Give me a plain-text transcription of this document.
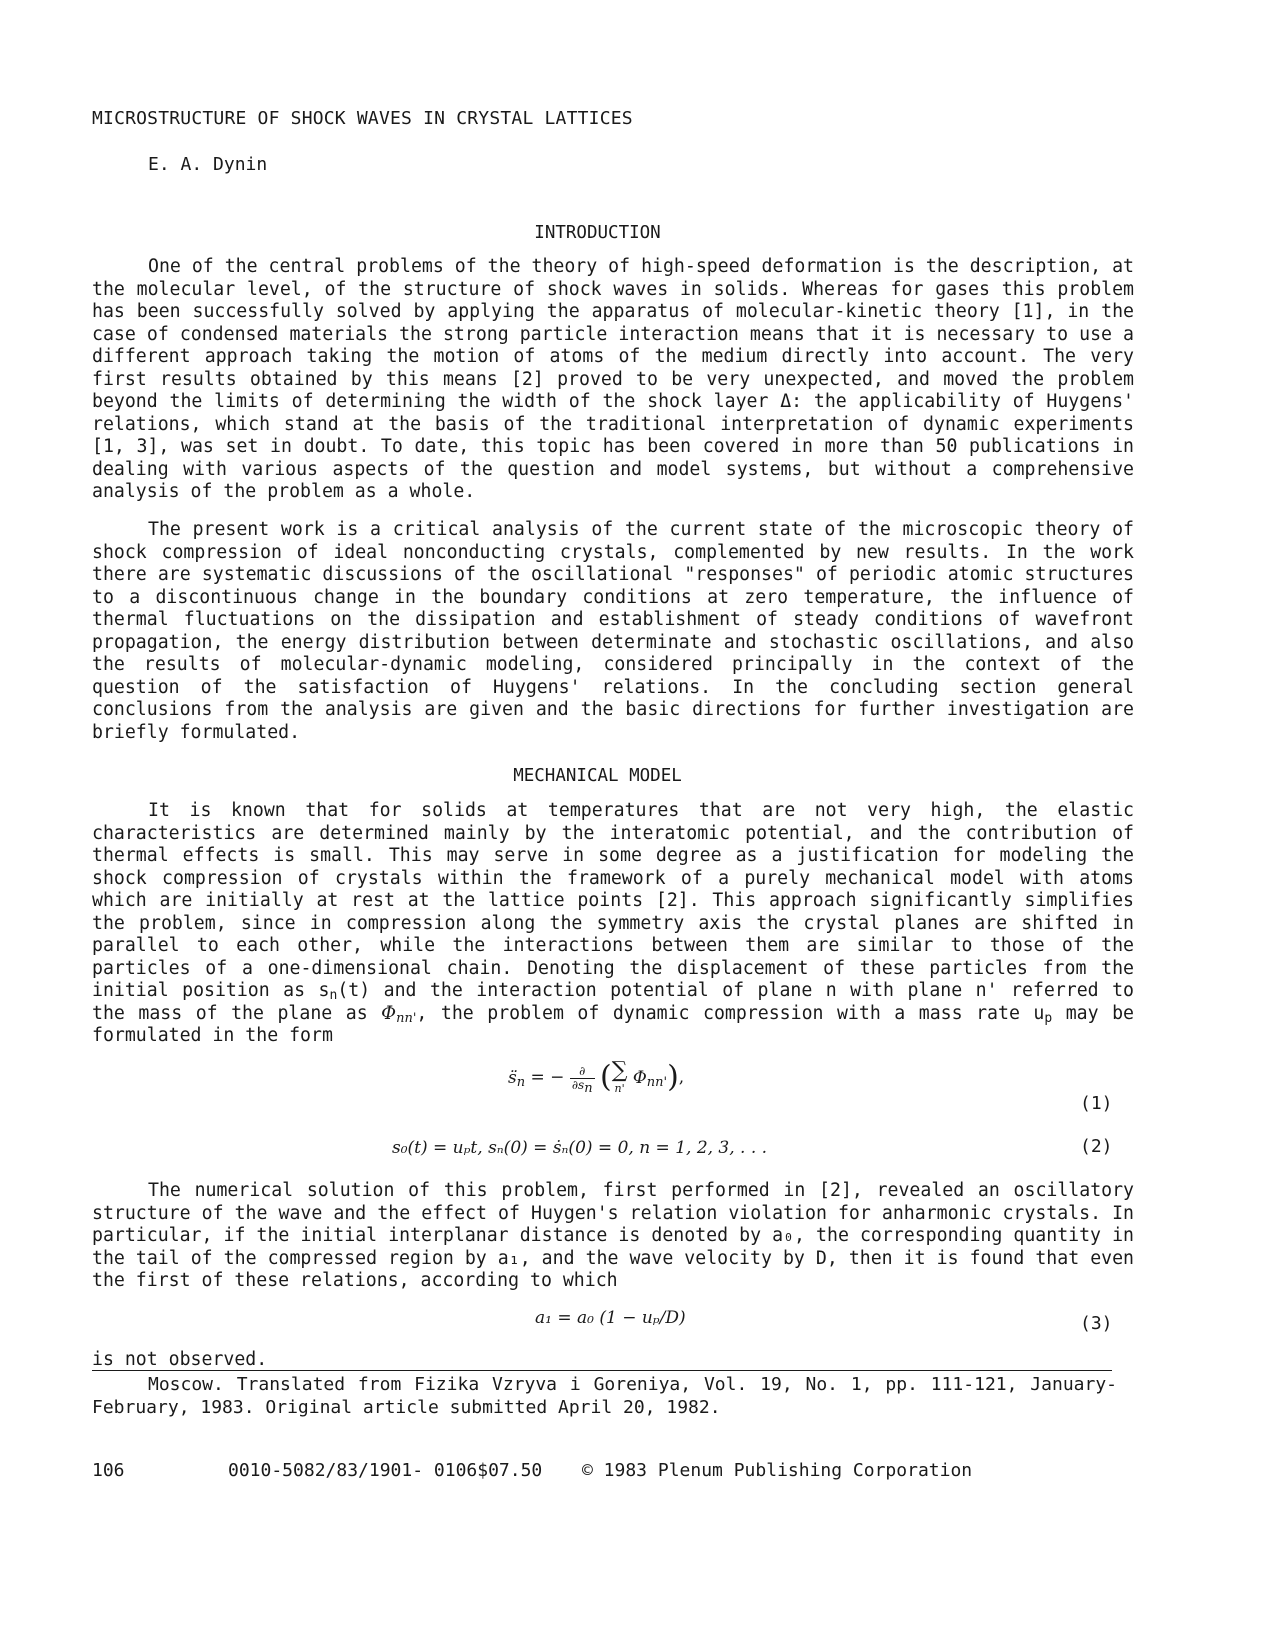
MICROSTRUCTURE OF SHOCK WAVES IN CRYSTAL LATTICES
E. A. Dynin
INTRODUCTION

One of the central problems of the theory of high-speed deformation is the description, at the molecular level, of the structure of shock waves in solids. Whereas for gases this problem has been successfully solved by applying the apparatus of molecular-kinetic theory [1], in the case of condensed materials the strong particle interaction means that it is necessary to use a different approach taking the motion of atoms of the medium directly into account. The very first results obtained by this means [2] proved to be very unexpected, and moved the problem beyond the limits of determining the width of the shock layer Δ: the applicability of Huygens' relations, which stand at the basis of the traditional interpretation of dynamic experiments [1, 3], was set in doubt. To date, this topic has been covered in more than 50 publications in dealing with various aspects of the question and model systems, but without a comprehensive analysis of the problem as a whole.

The present work is a critical analysis of the current state of the microscopic theory of shock compression of ideal nonconducting crystals, complemented by new results. In the work there are systematic discussions of the oscillational "responses" of periodic atomic structures to a discontinuous change in the boundary conditions at zero temperature, the influence of thermal fluctuations on the dissipation and establishment of steady conditions of wavefront propagation, the energy distribution between determinate and stochastic oscillations, and also the results of molecular-dynamic modeling, considered principally in the context of the question of the satisfaction of Huygens' relations. In the concluding section general conclusions from the analysis are given and the basic directions for further investigation are briefly formulated.

MECHANICAL MODEL

It is known that for solids at temperatures that are not very high, the elastic characteristics are determined mainly by the interatomic potential, and the contribution of thermal effects is small. This may serve in some degree as a justification for modeling the shock compression of crystals within the framework of a purely mechanical model with atoms which are initially at rest at the lattice points [2]. This approach significantly simplifies the problem, since in compression along the symmetry axis the crystal planes are shifted in parallel to each other, while the interactions between them are similar to those of the particles of a one-dimensional chain. Denoting the displacement of these particles from the initial position as $s_n(t)$ and the interaction potential of plane n with plane n' referred to the mass of the plane as $\Phi_{nn'}$, the problem of dynamic compression with a mass rate $u_p$ may be formulated in the form

$s̈_n$ = − $\frac{\partial}{\partial s_n}$ ( ∑
n'
$\Phi_{nn'}$),
(1)
s₀(t) = uₚt, sₙ(0) = ṡₙ(0) = 0, n = 1, 2, 3, . . .	(2)

The numerical solution of this problem, first performed in [2], revealed an oscillatory structure of the wave and the effect of Huygen's relation violation for anharmonic crystals. In particular, if the initial interplanar distance is denoted by a₀, the corresponding quantity in the tail of the compressed region by a₁, and the wave velocity by D, then it is found that even the first of these relations, according to which

a₁ = a₀ (1 − uₚ/D)	(3)
is not observed.

Moscow. Translated from Fizika Vzryva i Goreniya, Vol. 19, No. 1, pp. 111-121, January-February, 1983. Original article submitted April 20, 1982.

106	0010-5082/83/1901- 0106$07.50 © 1983 Plenum Publishing Corporation
